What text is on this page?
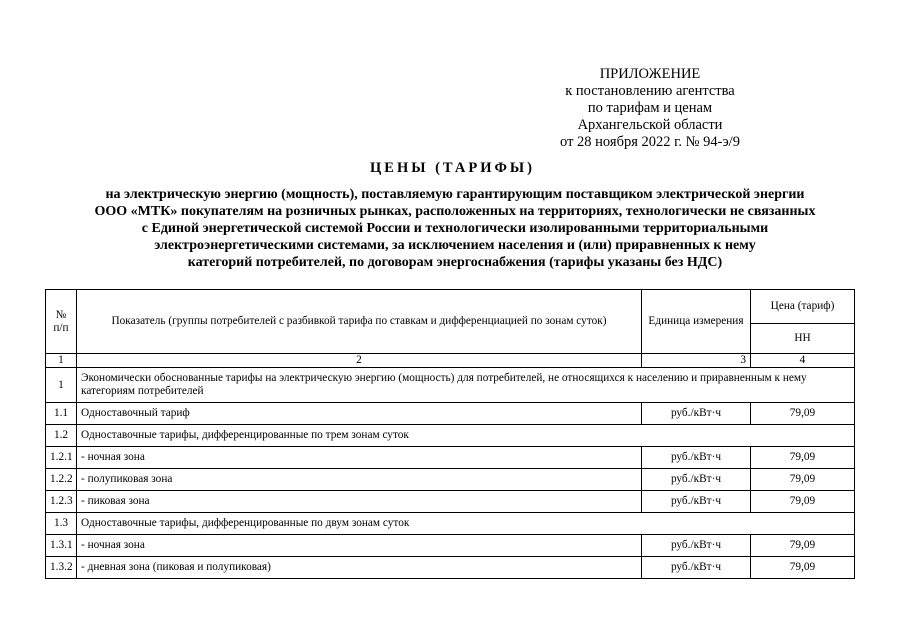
ПРИЛОЖЕНИЕ
к постановлению агентства
по тарифам и ценам
Архангельской области
от 28 ноября 2022 г. № 94-э/9
ЦЕНЫ (ТАРИФЫ)
на электрическую энергию (мощность), поставляемую гарантирующим поставщиком электрической энергии
ООО «МТК» покупателям на розничных рынках, расположенных на территориях, технологически не связанных
с Единой энергетической системой России и технологически изолированными территориальными
электроэнергетическими системами, за исключением населения и (или) приравненных к нему
категорий потребителей, по договорам энергоснабжения (тарифы указаны без НДС)
№ п/п	Показатель (группы потребителей с разбивкой тарифа по ставкам и дифференциацией по зонам суток)	Единица измерения	Цена (тариф)
			НН
1	2	3	4
1	Экономически обоснованные тарифы на электрическую энергию (мощность) для потребителей, не относящихся к населению и приравненным к нему категориям потребителей		
1.1	Одноставочный тариф	руб./кВт·ч	79,09
1.2	Одноставочные тарифы, дифференцированные по трем зонам суток		
1.2.1	- ночная зона	руб./кВт·ч	79,09
1.2.2	- полупиковая зона	руб./кВт·ч	79,09
1.2.3	- пиковая зона	руб./кВт·ч	79,09
1.3	Одноставочные тарифы, дифференцированные по двум зонам суток		
1.3.1	- ночная зона	руб./кВт·ч	79,09
1.3.2	- дневная зона (пиковая и полупиковая)	руб./кВт·ч	79,09
